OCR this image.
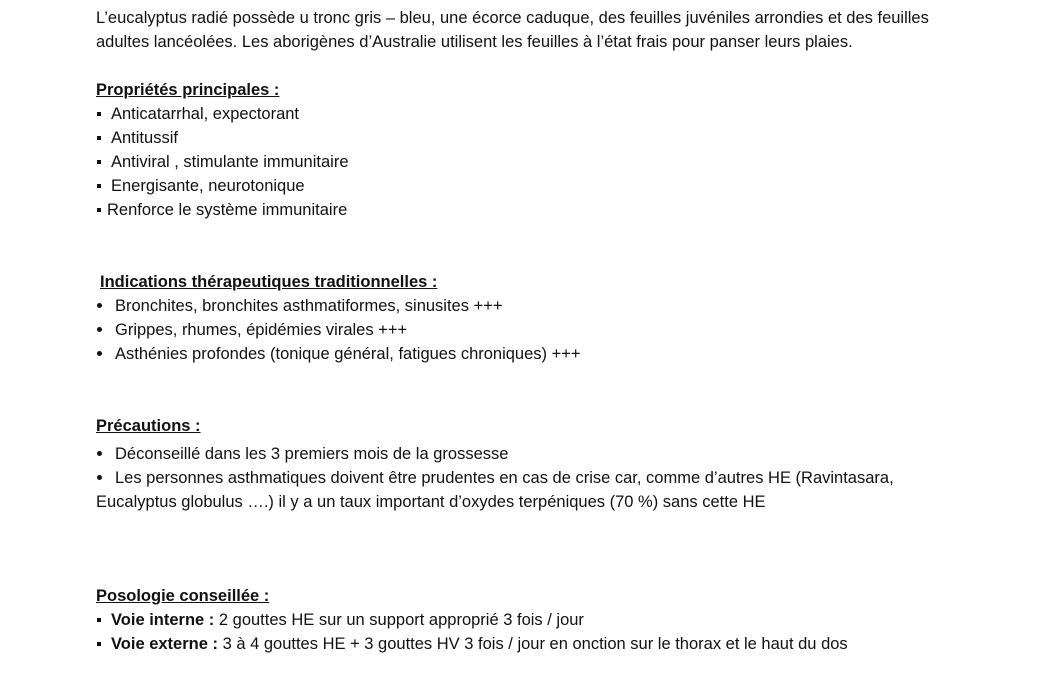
L’eucalyptus radié possède u tronc gris – bleu, une écorce caduque, des feuilles juvéniles arrondies et des feuilles adultes lancéolées. Les aborigènes d’Australie utilisent les feuilles à l’état frais pour panser leurs plaies.

Propriétés principales :

Anticatarrhal, expectorant
Antitussif
Antiviral , stimulante immunitaire
Energisante, neurotonique
Renforce le système immunitaire

Indications thérapeutiques traditionnelles :

Bronchites, bronchites asthmatiformes, sinusites +++
Grippes, rhumes, épidémies virales +++
Asthénies profondes (tonique général, fatigues chroniques) +++

Précautions :

Déconseillé dans les 3 premiers mois de la grossesse
Les personnes asthmatiques doivent être prudentes en cas de crise car, comme d’autres HE (Ravintasara, Eucalyptus globulus ….) il y a un taux important d’oxydes terpéniques (70 %) sans cette HE

Posologie conseillée :

Voie interne : 2 gouttes HE sur un support approprié 3 fois / jour
Voie externe : 3 à 4 gouttes HE + 3 gouttes HV 3 fois / jour en onction sur le thorax et le haut du dos
